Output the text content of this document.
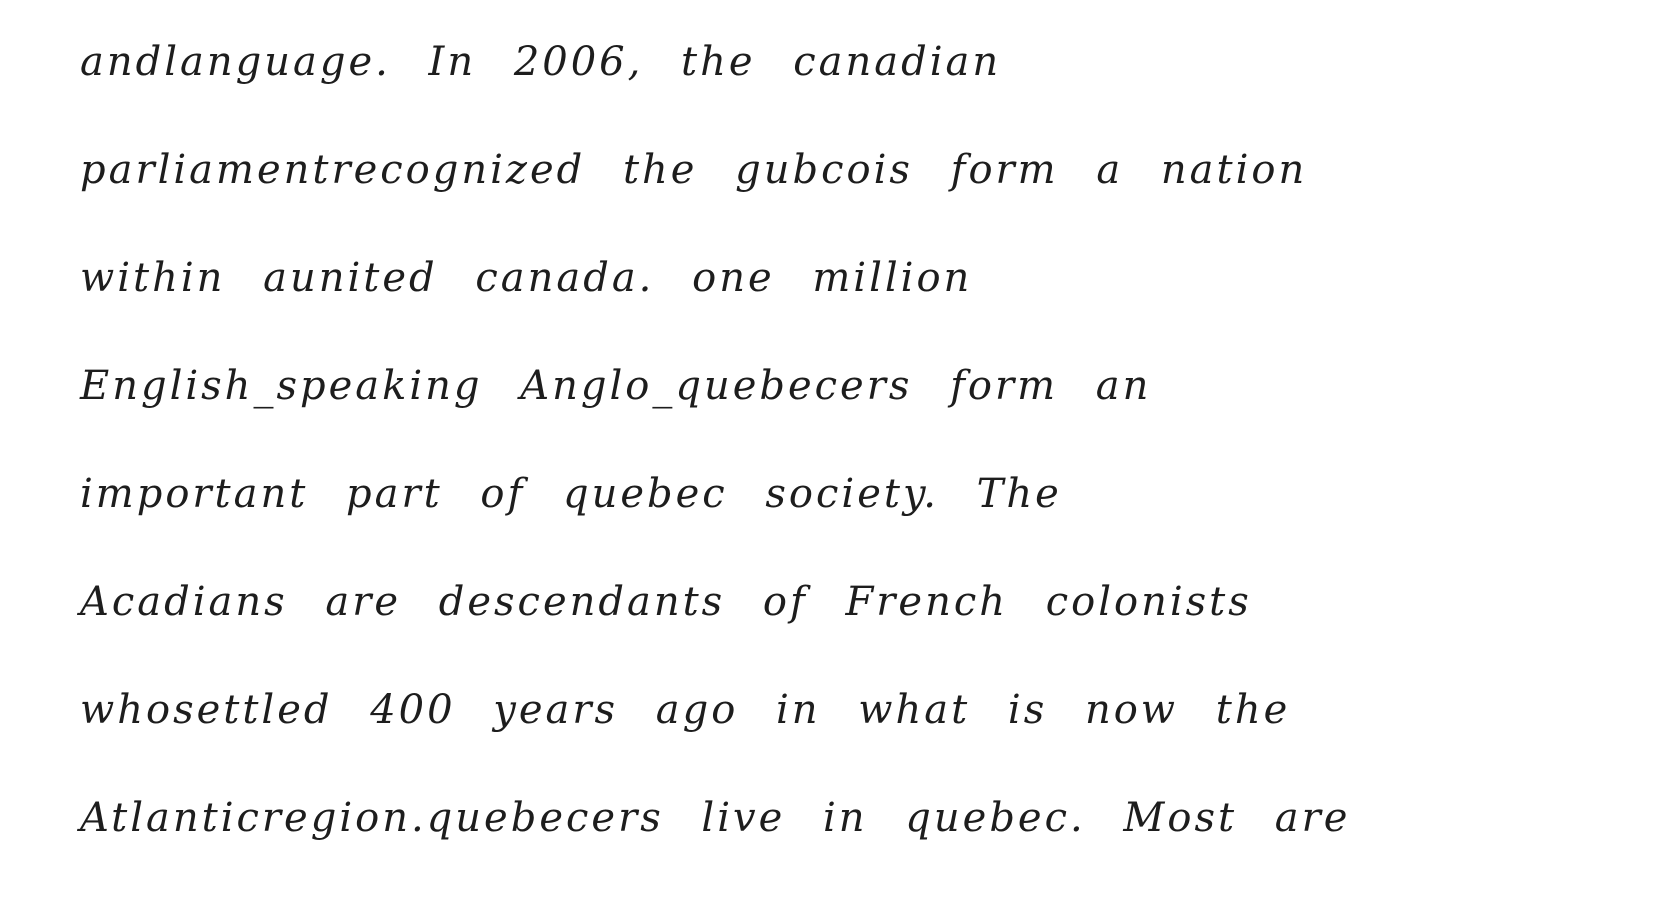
andlanguage. In 2006, the canadian
parliamentrecognized the gubcois form a nation
within aunited canada. one million
English_speaking Anglo_quebecers form an
important part of quebec society. The
Acadians are descendants of French colonists
whosettled 400 years ago in what is now the
Atlanticregion.quebecers live in quebec. Most are
